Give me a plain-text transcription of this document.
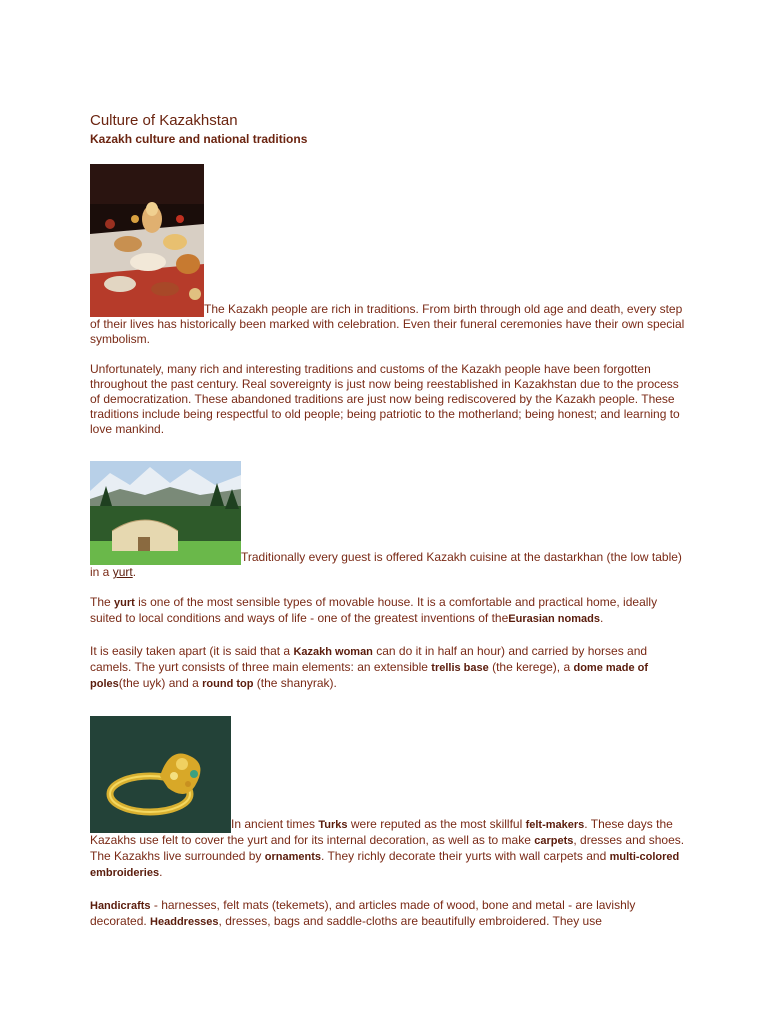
Culture of Kazakhstan
Kazakh culture and national traditions

The Kazakh people are rich in traditions. From birth through old age and death, every step of their lives has historically been marked with celebration. Even their funeral ceremonies have their own special symbolism.

Unfortunately, many rich and interesting traditions and customs of the Kazakh people have been forgotten throughout the past century. Real sovereignty is just now being reestablished in Kazakhstan due to the process of democratization. These abandoned traditions are just now being rediscovered by the Kazakh people. These traditions include being respectful to old people; being patriotic to the motherland; being honest; and learning to love mankind.

Traditionally every guest is offered Kazakh cuisine at the dastarkhan (the low table) in a yurt.

The yurt is one of the most sensible types of movable house. It is a comfortable and practical home, ideally suited to local conditions and ways of life - one of the greatest inventions of theEurasian nomads.

It is easily taken apart (it is said that a Kazakh woman can do it in half an hour) and carried by horses and camels. The yurt consists of three main elements: an extensible trellis base (the kerege), a dome made of poles(the uyk) and a round top (the shanyrak).

In ancient times Turks were reputed as the most skillful felt-makers. These days the Kazakhs use felt to cover the yurt and for its internal decoration, as well as to make carpets, dresses and shoes. The Kazakhs live surrounded by ornaments. They richly decorate their yurts with wall carpets and multi-colored embroideries.

Handicrafts - harnesses, felt mats (tekemets), and articles made of wood, bone and metal - are lavishly decorated. Headdresses, dresses, bags and saddle-cloths are beautifully embroidered. They use
